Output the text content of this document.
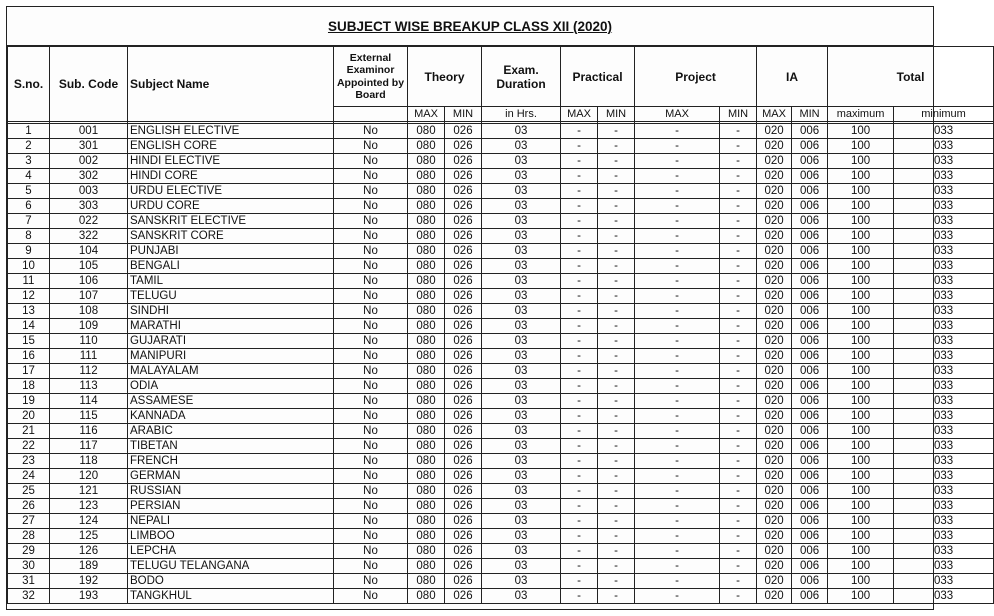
SUBJECT WISE BREAKUP CLASS XII (2020)
S.no.	Sub. Code	Subject Name	External Examinor Appointed by Board	Theory		Exam. Duration	Practical		Project		IA		Total	
				MAX	MIN	in Hrs.	MAX	MIN	MAX	MIN	MAX	MIN	maximum	minimum

1	001	ENGLISH ELECTIVE	No	080	026	03	-	-	-	-	020	006	100	033
2	301	ENGLISH CORE	No	080	026	03	-	-	-	-	020	006	100	033
3	002	HINDI ELECTIVE	No	080	026	03	-	-	-	-	020	006	100	033
4	302	HINDI CORE	No	080	026	03	-	-	-	-	020	006	100	033
5	003	URDU ELECTIVE	No	080	026	03	-	-	-	-	020	006	100	033
6	303	URDU CORE	No	080	026	03	-	-	-	-	020	006	100	033
7	022	SANSKRIT ELECTIVE	No	080	026	03	-	-	-	-	020	006	100	033
8	322	SANSKRIT CORE	No	080	026	03	-	-	-	-	020	006	100	033
9	104	PUNJABI	No	080	026	03	-	-	-	-	020	006	100	033
10	105	BENGALI	No	080	026	03	-	-	-	-	020	006	100	033
11	106	TAMIL	No	080	026	03	-	-	-	-	020	006	100	033
12	107	TELUGU	No	080	026	03	-	-	-	-	020	006	100	033
13	108	SINDHI	No	080	026	03	-	-	-	-	020	006	100	033
14	109	MARATHI	No	080	026	03	-	-	-	-	020	006	100	033
15	110	GUJARATI	No	080	026	03	-	-	-	-	020	006	100	033
16	111	MANIPURI	No	080	026	03	-	-	-	-	020	006	100	033
17	112	MALAYALAM	No	080	026	03	-	-	-	-	020	006	100	033
18	113	ODIA	No	080	026	03	-	-	-	-	020	006	100	033
19	114	ASSAMESE	No	080	026	03	-	-	-	-	020	006	100	033
20	115	KANNADA	No	080	026	03	-	-	-	-	020	006	100	033
21	116	ARABIC	No	080	026	03	-	-	-	-	020	006	100	033
22	117	TIBETAN	No	080	026	03	-	-	-	-	020	006	100	033
23	118	FRENCH	No	080	026	03	-	-	-	-	020	006	100	033
24	120	GERMAN	No	080	026	03	-	-	-	-	020	006	100	033
25	121	RUSSIAN	No	080	026	03	-	-	-	-	020	006	100	033
26	123	PERSIAN	No	080	026	03	-	-	-	-	020	006	100	033
27	124	NEPALI	No	080	026	03	-	-	-	-	020	006	100	033
28	125	LIMBOO	No	080	026	03	-	-	-	-	020	006	100	033
29	126	LEPCHA	No	080	026	03	-	-	-	-	020	006	100	033
30	189	TELUGU TELANGANA	No	080	026	03	-	-	-	-	020	006	100	033
31	192	BODO	No	080	026	03	-	-	-	-	020	006	100	033
32	193	TANGKHUL	No	080	026	03	-	-	-	-	020	006	100	033
